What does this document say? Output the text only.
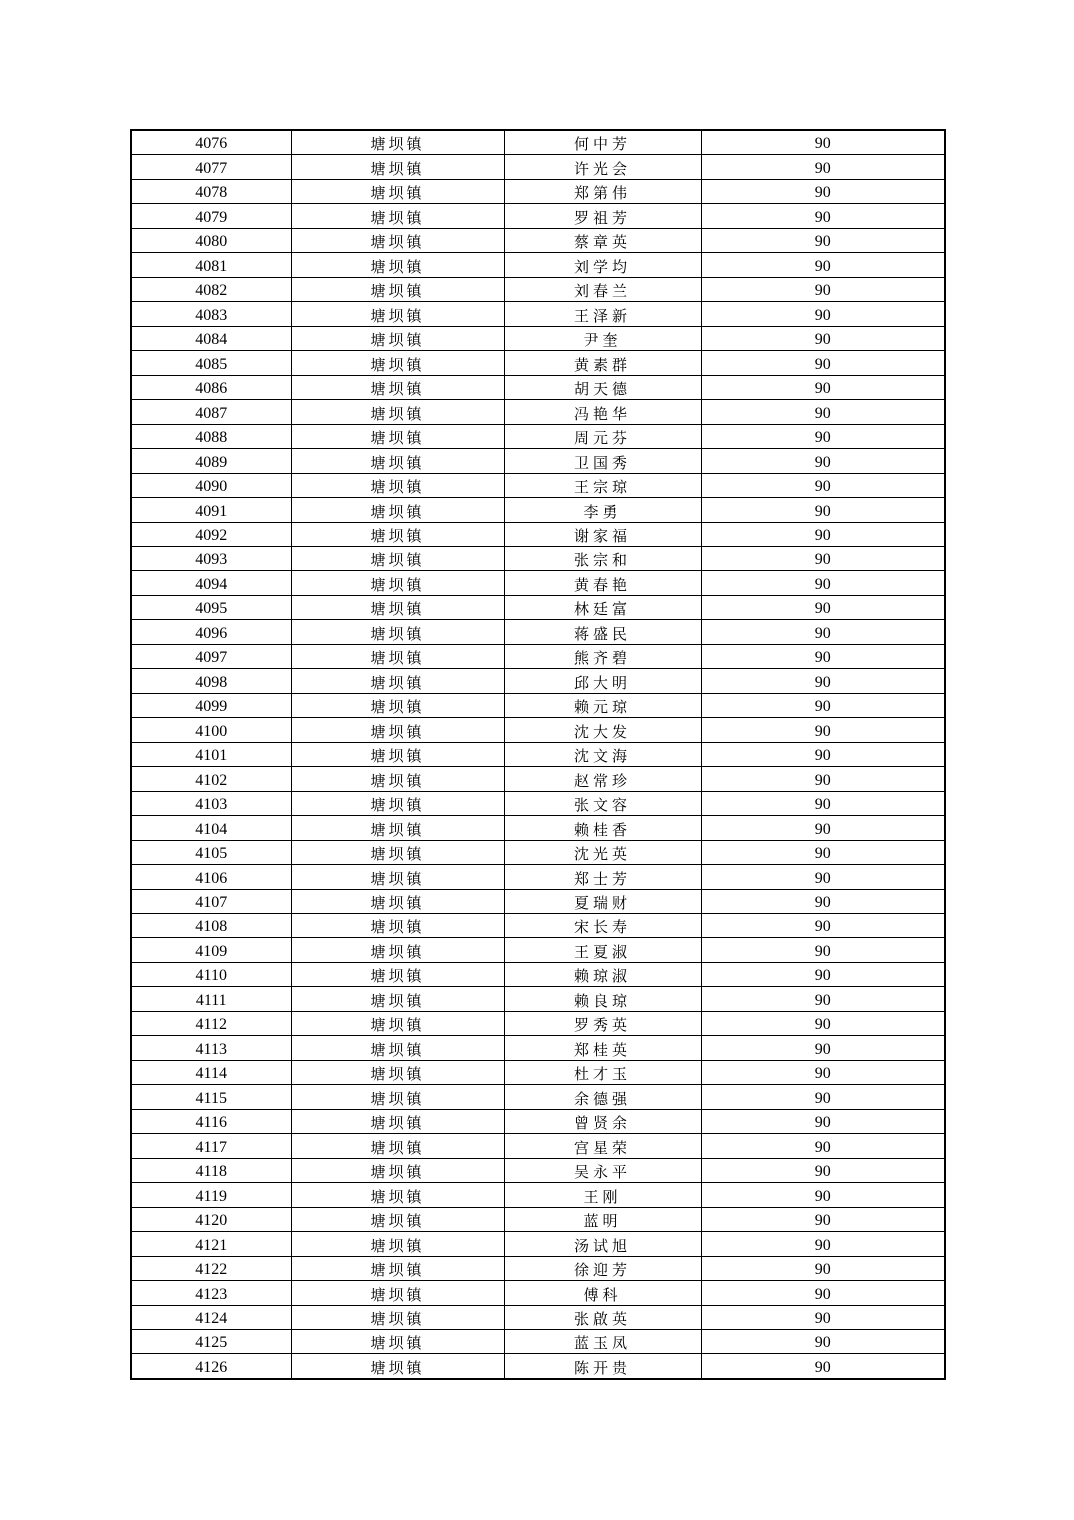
4076	塘坝镇	何中芳	90
4077	塘坝镇	许光会	90
4078	塘坝镇	郑第伟	90
4079	塘坝镇	罗祖芳	90
4080	塘坝镇	蔡章英	90
4081	塘坝镇	刘学均	90
4082	塘坝镇	刘春兰	90
4083	塘坝镇	王泽新	90
4084	塘坝镇	尹奎	90
4085	塘坝镇	黄素群	90
4086	塘坝镇	胡天德	90
4087	塘坝镇	冯艳华	90
4088	塘坝镇	周元芬	90
4089	塘坝镇	卫国秀	90
4090	塘坝镇	王宗琼	90
4091	塘坝镇	李勇	90
4092	塘坝镇	谢家福	90
4093	塘坝镇	张宗和	90
4094	塘坝镇	黄春艳	90
4095	塘坝镇	林廷富	90
4096	塘坝镇	蒋盛民	90
4097	塘坝镇	熊齐碧	90
4098	塘坝镇	邱大明	90
4099	塘坝镇	赖元琼	90
4100	塘坝镇	沈大发	90
4101	塘坝镇	沈文海	90
4102	塘坝镇	赵常珍	90
4103	塘坝镇	张文容	90
4104	塘坝镇	赖桂香	90
4105	塘坝镇	沈光英	90
4106	塘坝镇	郑士芳	90
4107	塘坝镇	夏瑞财	90
4108	塘坝镇	宋长寿	90
4109	塘坝镇	王夏淑	90
4110	塘坝镇	赖琼淑	90
4111	塘坝镇	赖良琼	90
4112	塘坝镇	罗秀英	90
4113	塘坝镇	郑桂英	90
4114	塘坝镇	杜才玉	90
4115	塘坝镇	余德强	90
4116	塘坝镇	曾贤余	90
4117	塘坝镇	宫星荣	90
4118	塘坝镇	吴永平	90
4119	塘坝镇	王刚	90
4120	塘坝镇	蓝明	90
4121	塘坝镇	汤试旭	90
4122	塘坝镇	徐迎芳	90
4123	塘坝镇	傅科	90
4124	塘坝镇	张啟英	90
4125	塘坝镇	蓝玉凤	90
4126	塘坝镇	陈开贵	90
